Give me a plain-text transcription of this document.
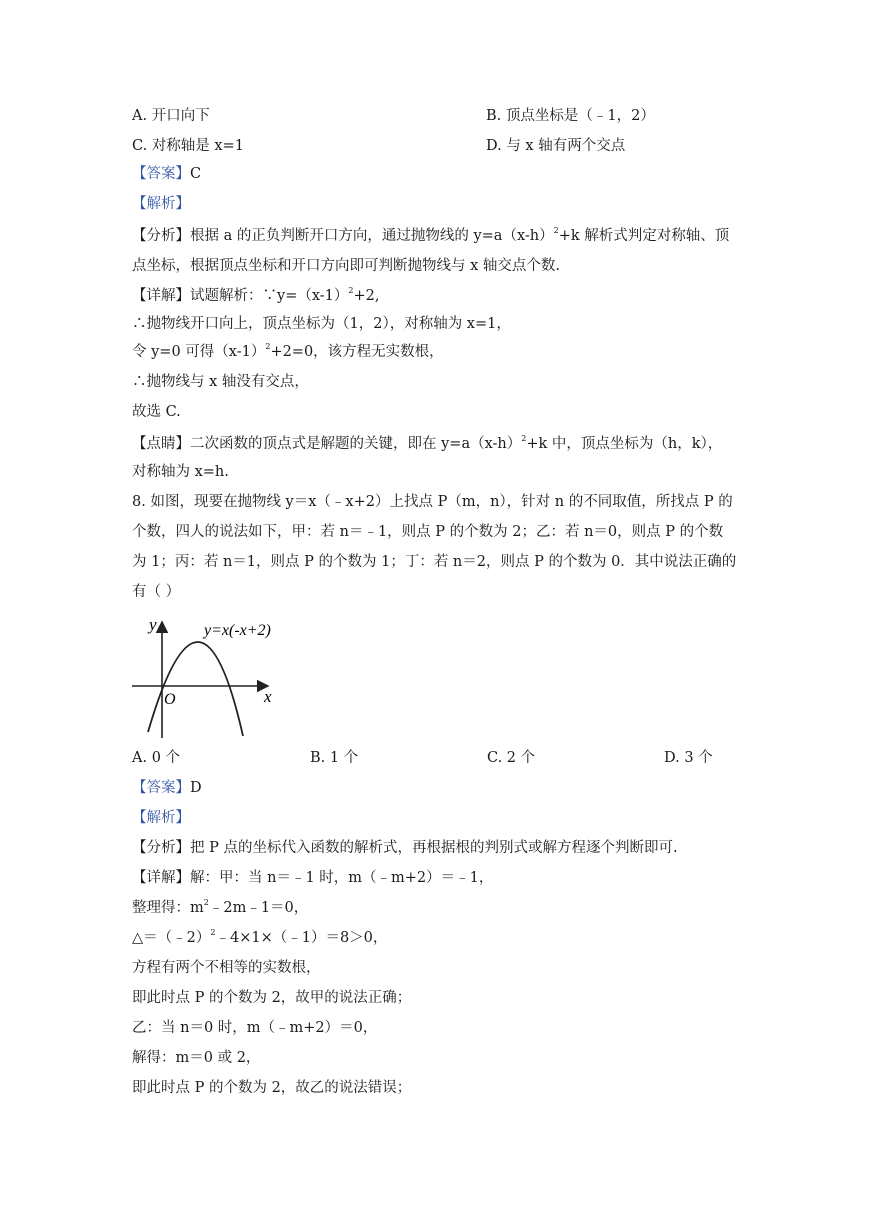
A. 开口向下	B. 顶点坐标是（﹣1，2）
C. 对称轴是 x=1	D. 与 x 轴有两个交点
【答案】C
【解析】
【分析】根据 a 的正负判断开口方向，通过抛物线的 $y=a(x-h)^2+k$ 解析式判定对称轴、顶
点坐标，根据顶点坐标和开口方向即可判断抛物线与 x 轴交点个数.
【详解】试题解析：$\because y=(x-1)^2+2$,
∴抛物线开口向上，顶点坐标为（1，2），对称轴为 x=1，
令 y=0 可得$(x-1)^2+2=0$，该方程无实数根，
∴抛物线与 x 轴没有交点，
故选 C.
【点睛】二次函数的顶点式是解题的关键，即在 $y=a(x-h)^2+k$ 中，顶点坐标为（h，k），
对称轴为 x=h.
8. 如图，现要在抛物线 y＝x（﹣x+2）上找点 P（m，n），针对 n 的不同取值，所找点 P 的
个数，四人的说法如下，甲：若 n＝﹣1，则点 P 的个数为 2；乙：若 n＝0，则点 P 的个数
为 1；丙：若 n＝1，则点 P 的个数为 1；丁：若 n＝2，则点 P 的个数为 0．其中说法正确的
有（ ）
y
x
O
y=x(-x+2)
A. 0 个	B. 1 个	C. 2 个	D. 3 个
【答案】D
【解析】
【分析】把 P 点的坐标代入函数的解析式，再根据根的判别式或解方程逐个判断即可.
【详解】解：甲：当 n＝﹣1 时，m（﹣m+2）＝﹣1，
整理得：$m^2﹣2m﹣1=0$，
△＝（﹣2）$^2$﹣4×1×（﹣1）＝8＞0，
方程有两个不相等的实数根，
即此时点 P 的个数为 2，故甲的说法正确；
乙：当 n＝0 时，m（﹣m+2）＝0，
解得：m＝0 或 2，
即此时点 P 的个数为 2，故乙的说法错误；
